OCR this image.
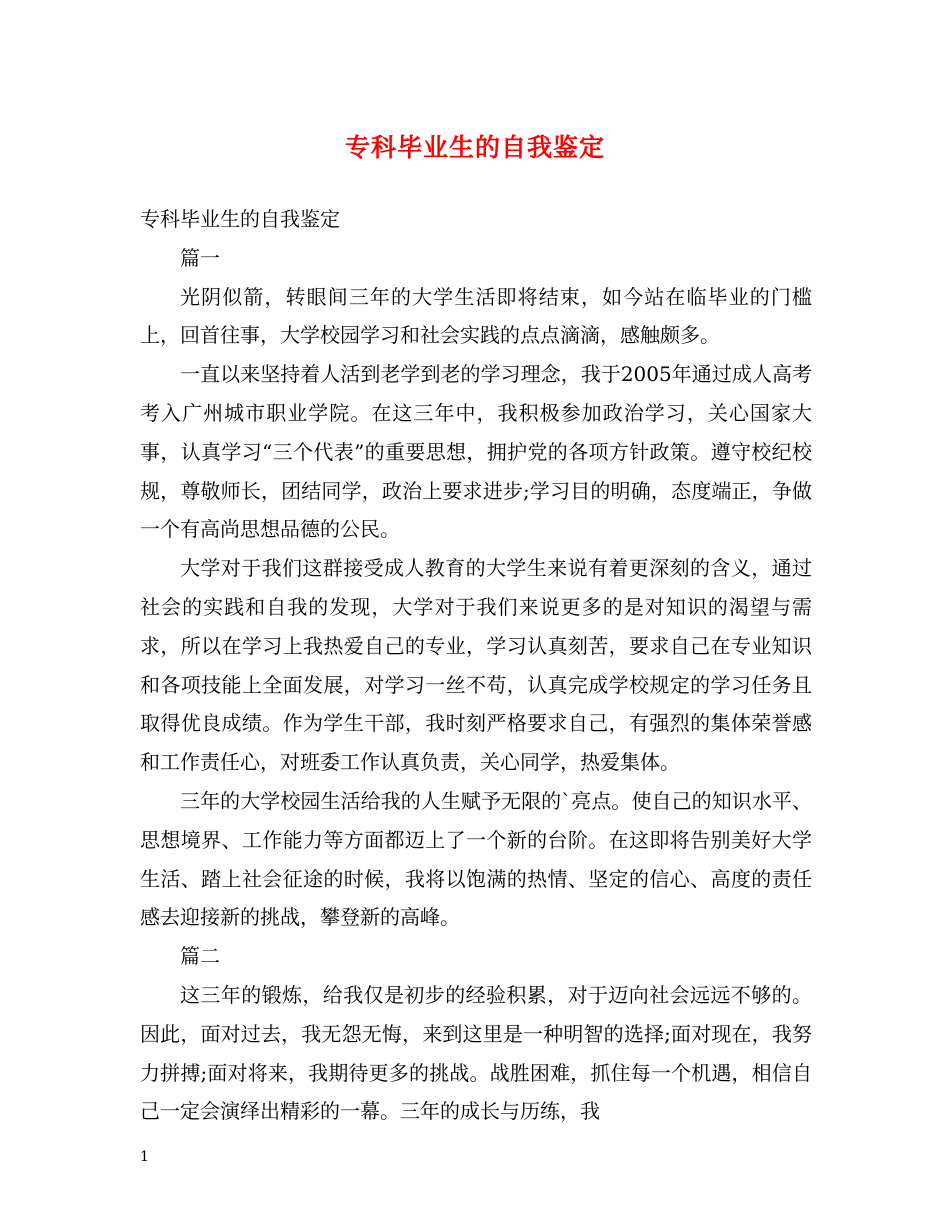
专科毕业生的自我鉴定

专科毕业生的自我鉴定

篇一

光阴似箭，转眼间三年的大学生活即将结束，如今站在临毕业的门槛上，回首往事，大学校园学习和社会实践的点点滴滴，感触颇多。

一直以来坚持着人活到老学到老的学习理念，我于2005年通过成人高考考入广州城市职业学院。在这三年中，我积极参加政治学习，关心国家大事，认真学习“三个代表”的重要思想，拥护党的各项方针政策。遵守校纪校规，尊敬师长，团结同学，政治上要求进步;学习目的明确，态度端正，争做一个有高尚思想品德的公民。

大学对于我们这群接受成人教育的大学生来说有着更深刻的含义，通过社会的实践和自我的发现，大学对于我们来说更多的是对知识的渴望与需求，所以在学习上我热爱自己的专业，学习认真刻苦，要求自己在专业知识和各项技能上全面发展，对学习一丝不苟，认真完成学校规定的学习任务且取得优良成绩。作为学生干部，我时刻严格要求自己，有强烈的集体荣誉感和工作责任心，对班委工作认真负责，关心同学，热爱集体。

三年的大学校园生活给我的人生赋予无限的`亮点。使自己的知识水平、思想境界、工作能力等方面都迈上了一个新的台阶。在这即将告别美好大学生活、踏上社会征途的时候，我将以饱满的热情、坚定的信心、高度的责任感去迎接新的挑战，攀登新的高峰。

篇二

这三年的锻炼，给我仅是初步的经验积累，对于迈向社会远远不够的。因此，面对过去，我无怨无悔，来到这里是一种明智的选择;面对现在，我努力拼搏;面对将来，我期待更多的挑战。战胜困难，抓住每一个机遇，相信自己一定会演绎出精彩的一幕。三年的成长与历练，我

1
